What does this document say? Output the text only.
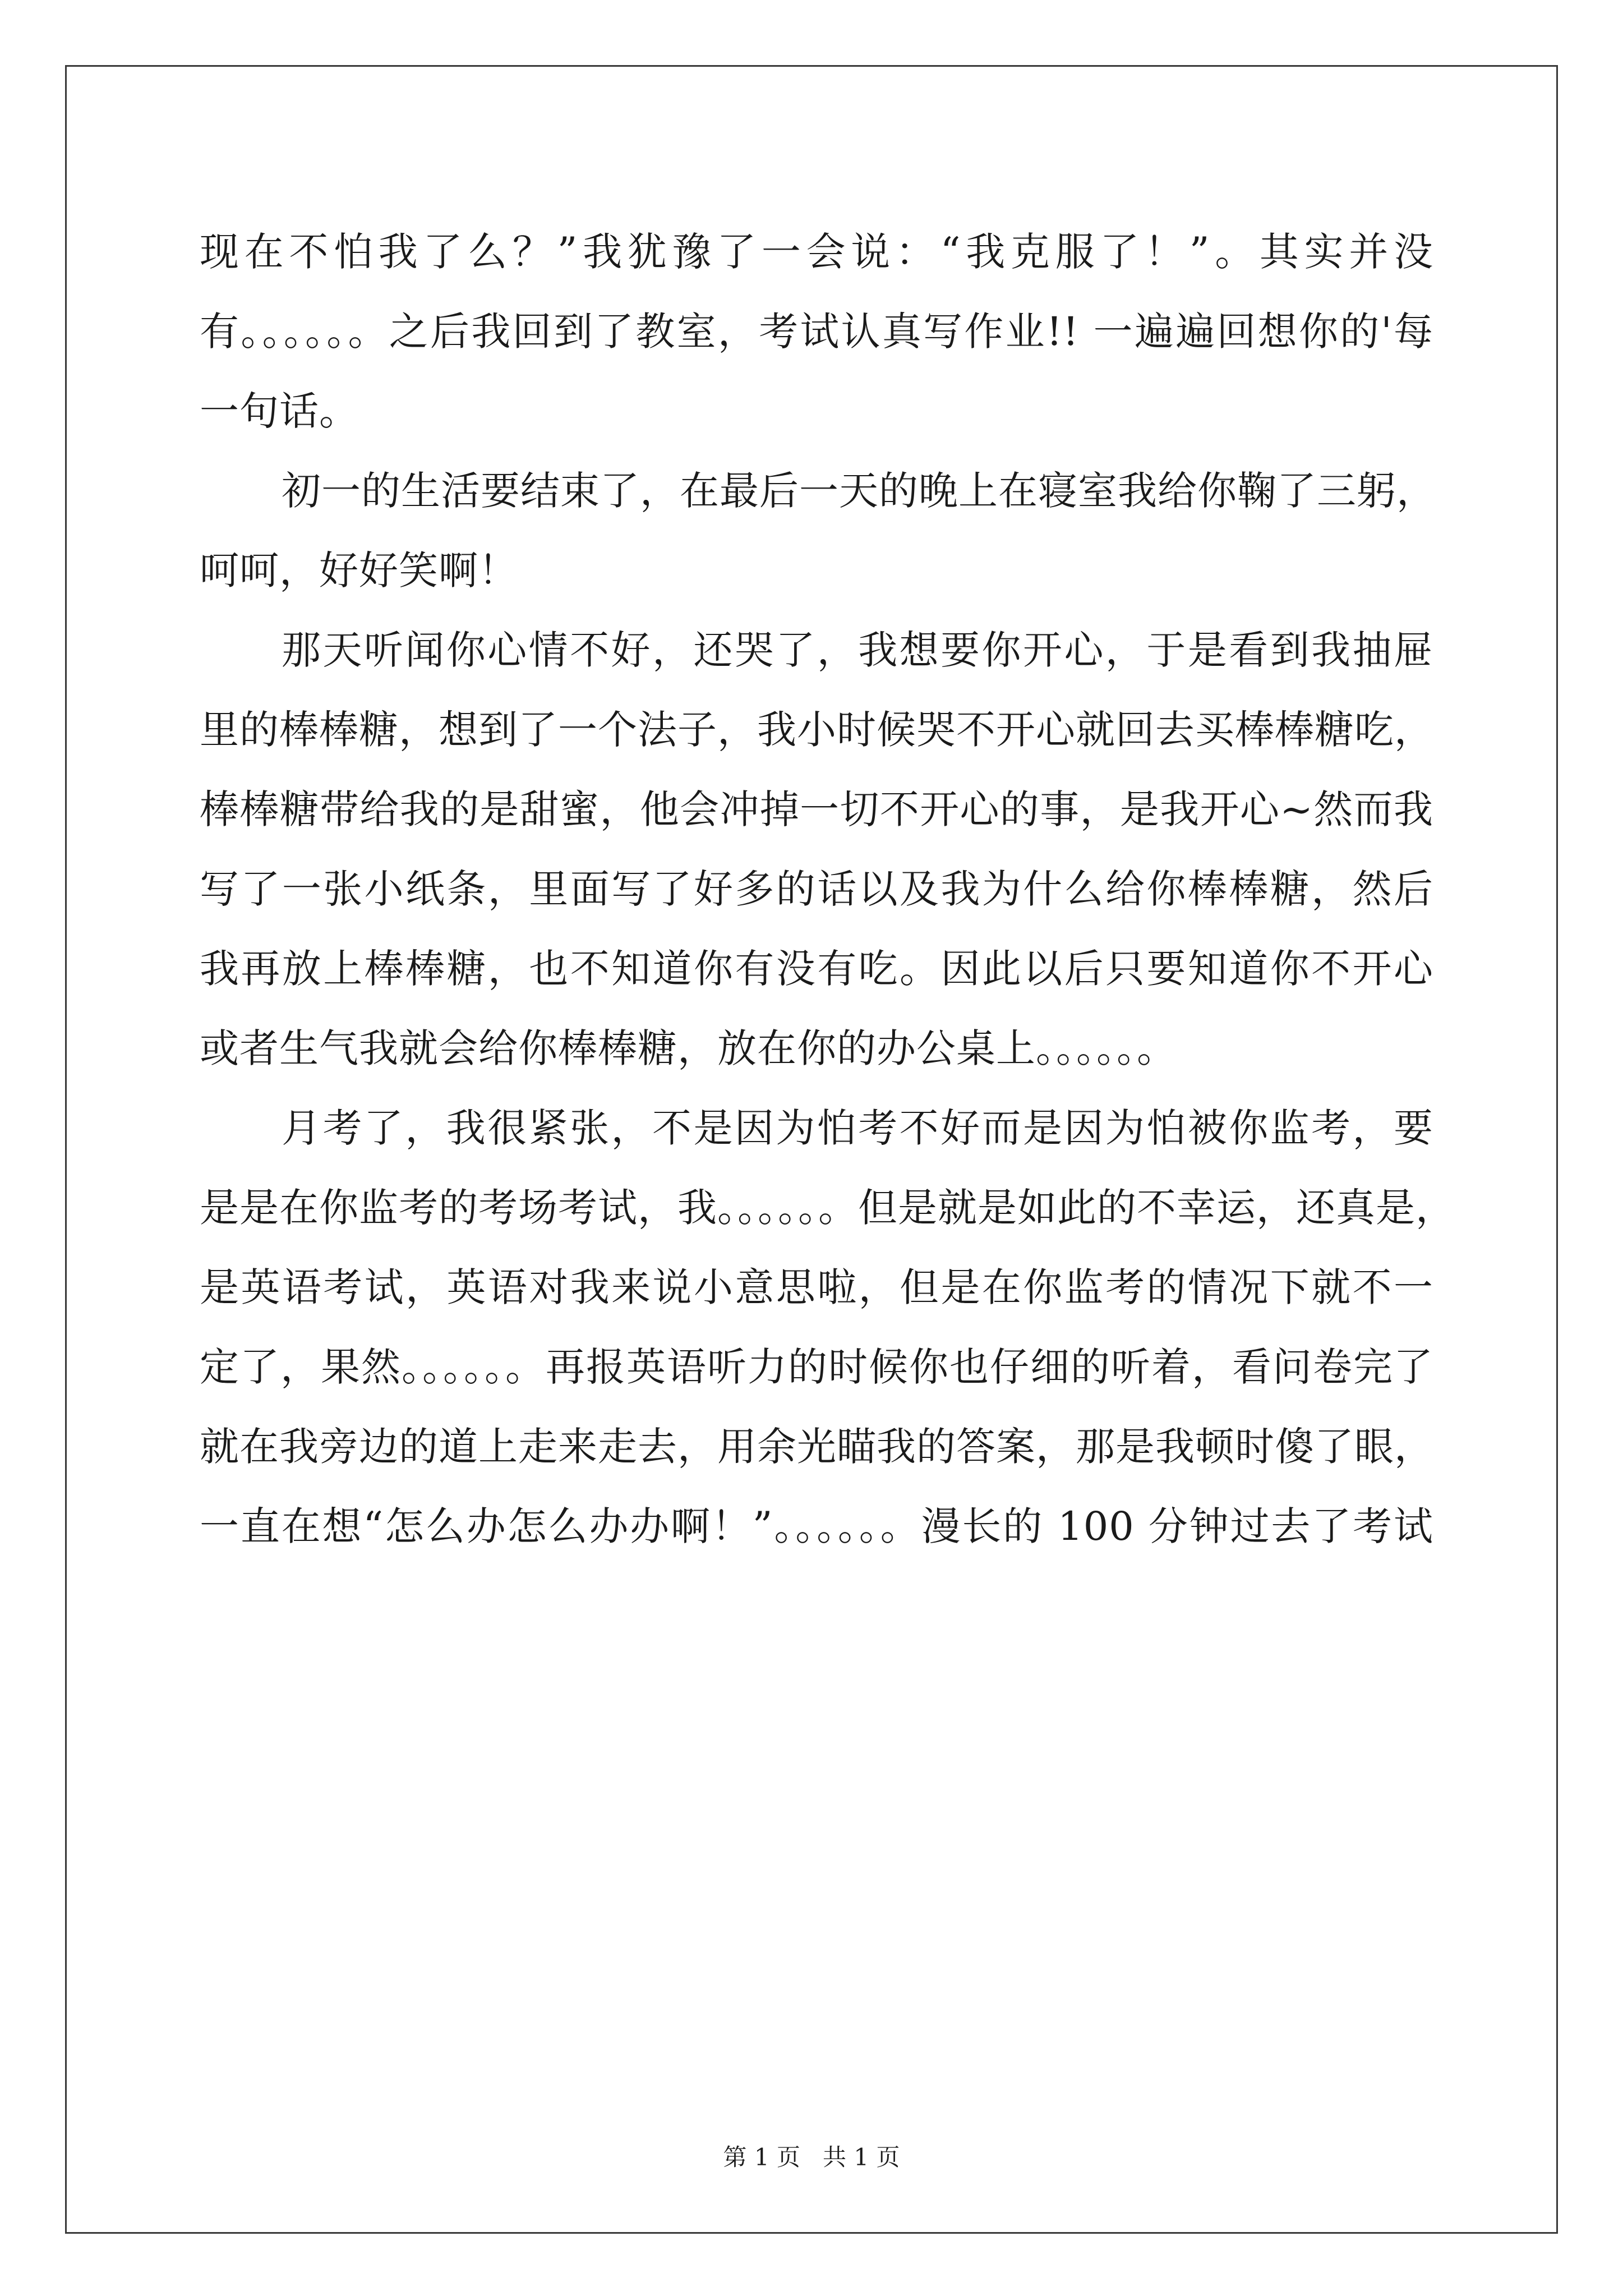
现在不怕我了么？”我犹豫了一会说：“我克服了！”。其实并没
有。。。。。。之后我回到了教室，考试认真写作业!! 一遍遍回想你的'每
一句话。
初一的生活要结束了，在最后一天的晚上在寝室我给你鞠了三躬，
呵呵，好好笑啊！
那天听闻你心情不好，还哭了，我想要你开心，于是看到我抽屉
里的棒棒糖，想到了一个法子，我小时候哭不开心就回去买棒棒糖吃，
棒棒糖带给我的是甜蜜，他会冲掉一切不开心的事，是我开心~然而我
写了一张小纸条，里面写了好多的话以及我为什么给你棒棒糖，然后
我再放上棒棒糖，也不知道你有没有吃。因此以后只要知道你不开心
或者生气我就会给你棒棒糖，放在你的办公桌上。。。。。。
月考了，我很紧张，不是因为怕考不好而是因为怕被你监考，要
是是在你监考的考场考试，我。。。。。。但是就是如此的不幸运，还真是，
是英语考试，英语对我来说小意思啦，但是在你监考的情况下就不一
定了，果然。。。。。。再报英语听力的时候你也仔细的听着，看问卷完了
就在我旁边的道上走来走去，用余光瞄我的答案，那是我顿时傻了眼，
一直在想“怎么办怎么办办啊！”。。。。。。漫长的 100 分钟过去了考试
第 1 页   共 1 页
